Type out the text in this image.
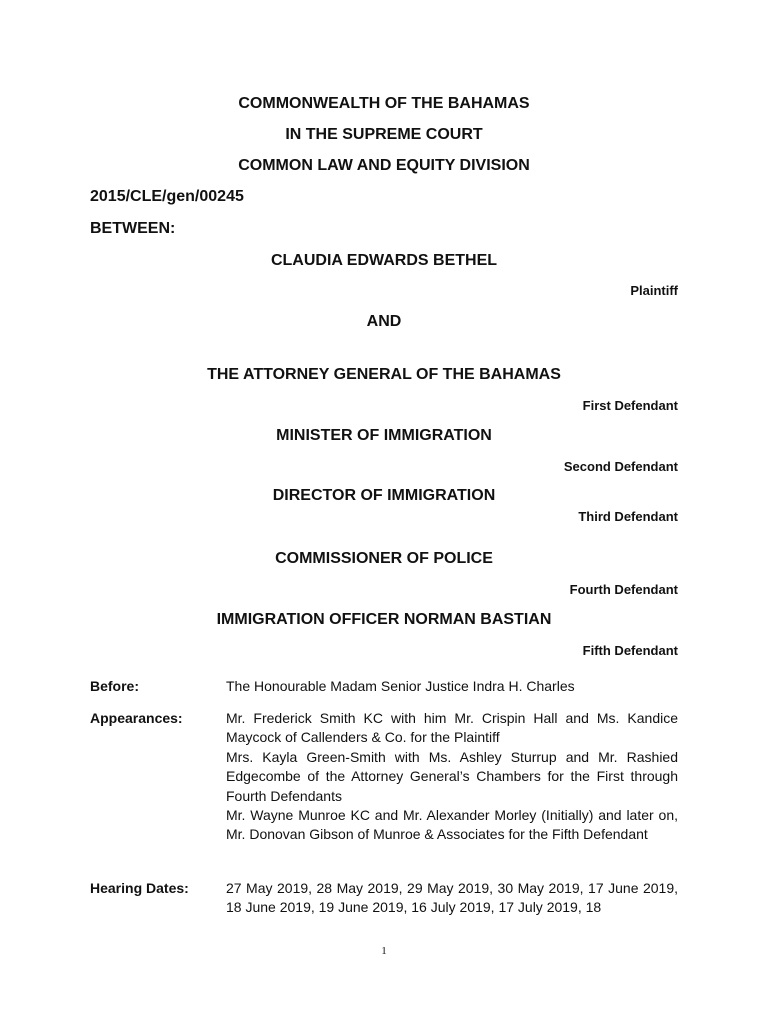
COMMONWEALTH OF THE BAHAMAS
IN THE SUPREME COURT
COMMON LAW AND EQUITY DIVISION
2015/CLE/gen/00245
BETWEEN:
CLAUDIA EDWARDS BETHEL
Plaintiff
AND
THE ATTORNEY GENERAL OF THE BAHAMAS
First Defendant
MINISTER OF IMMIGRATION
Second Defendant
DIRECTOR OF IMMIGRATION
Third Defendant
COMMISSIONER OF POLICE
Fourth Defendant
IMMIGRATION OFFICER NORMAN BASTIAN
Fifth Defendant
Before:	The Honourable Madam Senior Justice Indra H. Charles

Appearances:	Mr. Frederick Smith KC with him Mr. Crispin Hall and Ms. Kandice Maycock of Callenders & Co. for the Plaintiff

Mrs. Kayla Green-Smith with Ms. Ashley Sturrup and Mr. Rashied Edgecombe of the Attorney General’s Chambers for the First through Fourth Defendants

Mr. Wayne Munroe KC and Mr. Alexander Morley (Initially) and later on, Mr. Donovan Gibson of Munroe & Associates for the Fifth Defendant

Hearing Dates:	27 May 2019, 28 May 2019, 29 May 2019, 30 May 2019, 17 June 2019, 18 June 2019, 19 June 2019, 16 July 2019, 17 July 2019, 18

1
